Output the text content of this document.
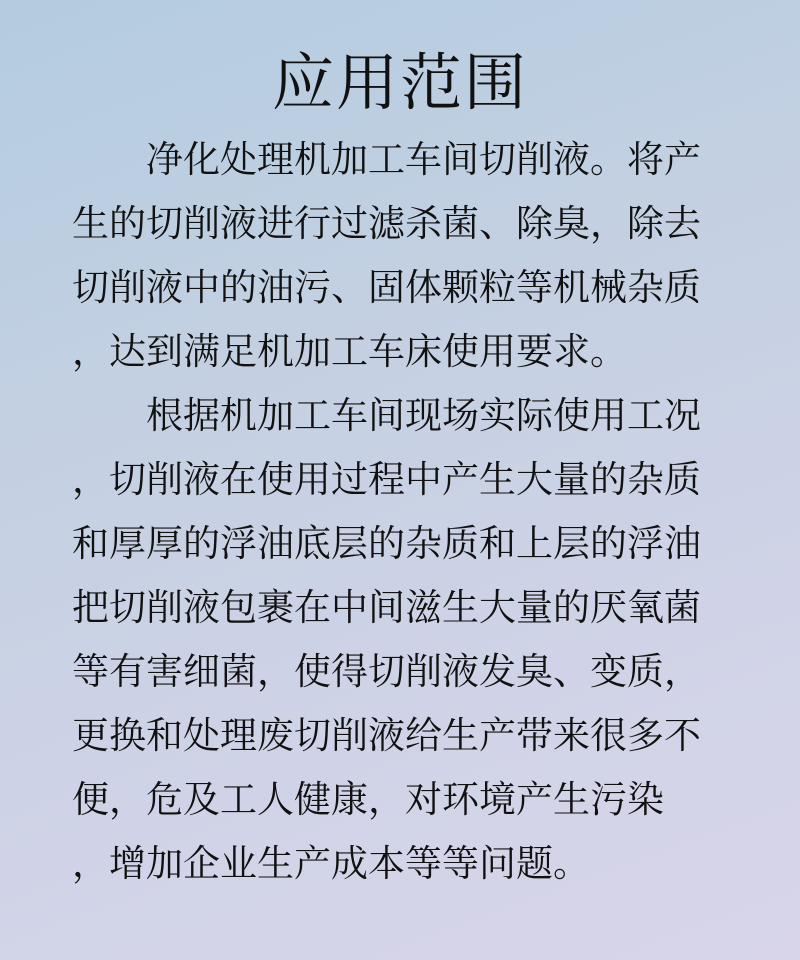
应用范围

净化处理机加工车间切削液。将产

生的切削液进行过滤杀菌、除臭，除去

切削液中的油污、固体颗粒等机械杂质

，达到满足机加工车床使用要求。

根据机加工车间现场实际使用工况

，切削液在使用过程中产生大量的杂质

和厚厚的浮油底层的杂质和上层的浮油

把切削液包裹在中间滋生大量的厌氧菌

等有害细菌，使得切削液发臭、变质，

更换和处理废切削液给生产带来很多不

便，危及工人健康，对环境产生污染

，增加企业生产成本等等问题。
